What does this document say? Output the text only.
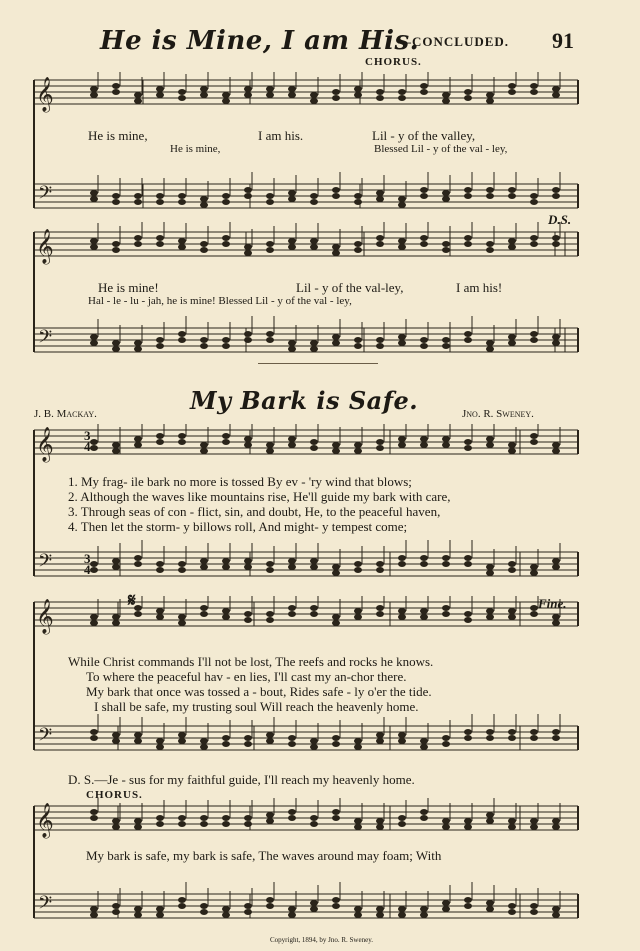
He is Mine, I am His.
—CONCLUDED. 91
CHORUS.
𝄞
𝄢
He is mine,	I am his.	Lil - y of the valley,
He is mine,	Blessed Lil - y of the val - ley,
𝄞
𝄢
D.S.
He is mine!	Lil - y of the val-ley,	I am his!
Hal - le - lu - jah, he is mine! Blessed Lil - y of the val - ley,
My Bark is Safe.
J. B. Mackay.	Jno. R. Sweney.
𝄞
𝄢
3
4
3
4
1. My frag- ile bark no more is tossed By ev - 'ry wind that blows;
2. Although the waves like mountains rise, He'll guide my bark with care,
3. Through seas of con - flict, sin, and doubt, He, to the peaceful haven,
4. Then let the storm- y billows roll, And might- y tempest come;
𝄞
𝄢
𝄋	Fine.
While Christ commands I'll not be lost, The reefs and rocks he knows.
To where the peaceful hav - en lies, I'll cast my an-chor there.
My bark that once was tossed a - bout, Rides safe - ly o'er the tide.
I shall be safe, my trusting soul Will reach the heavenly home.
D. S.—Je - sus for my faithful guide, I'll reach my heavenly home.
CHORUS.
𝄞
𝄢
My bark is safe, my bark is safe, The waves around may foam; With
Copyright, 1894, by Jno. R. Sweney.
